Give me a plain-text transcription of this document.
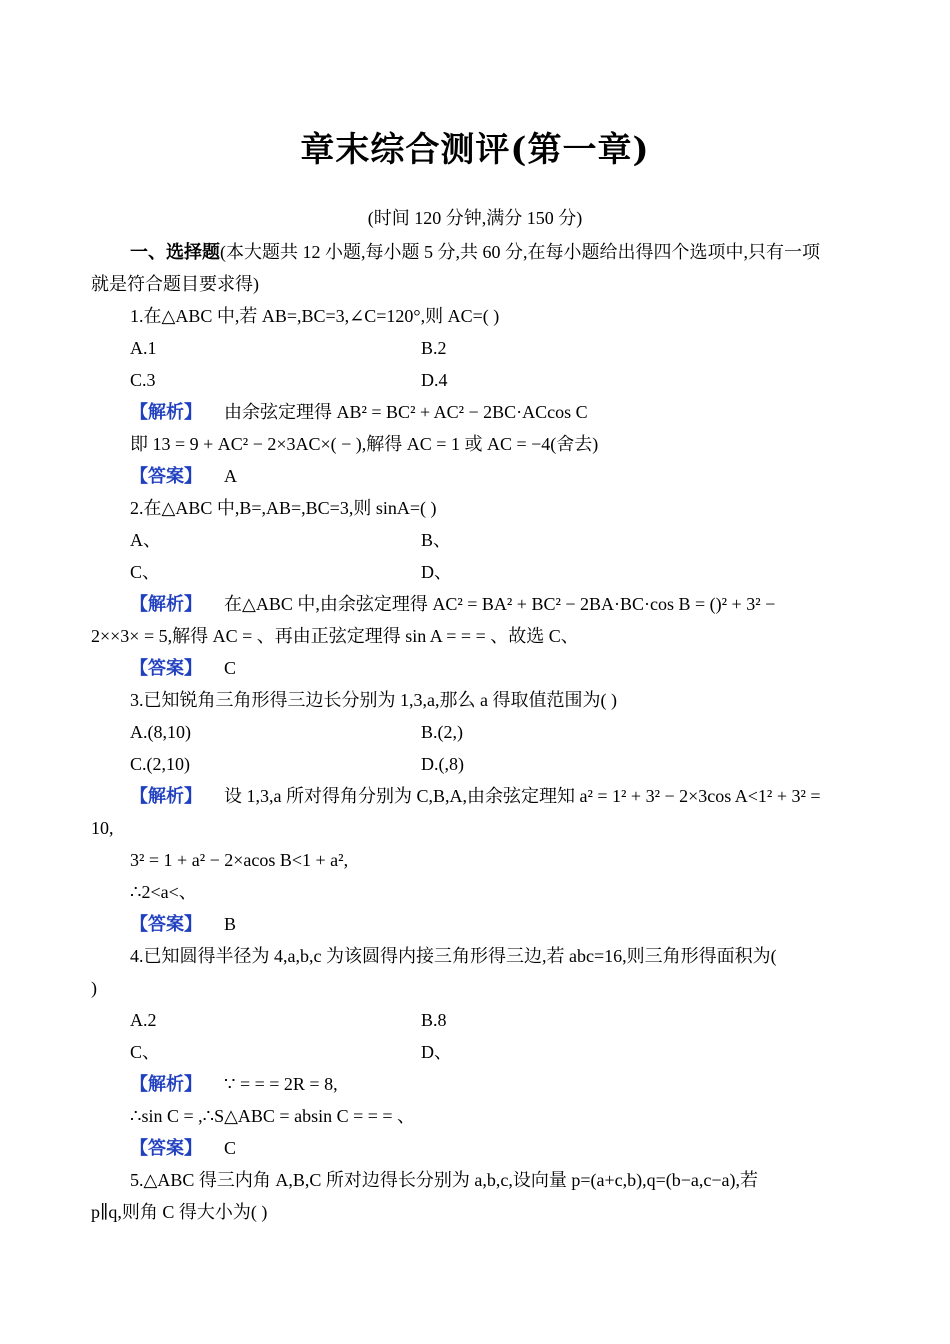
章末综合测评(第一章)
(时间 120 分钟,满分 150 分)
一、选择题(本大题共 12 小题,每小题 5 分,共 60 分,在每小题给出得四个选项中,只有一项
就是符合题目要求得)
1.在△ABC 中,若 AB=,BC=3,∠C=120°,则 AC=( )
A.1	B.2
C.3	D.4
【解析】 由余弦定理得 AB² = BC² + AC² − 2BC·ACcos C
即 13 = 9 + AC² − 2×3AC×( − ),解得 AC = 1 或 AC = −4(舍去)
【答案】 A
2.在△ABC 中,B=,AB=,BC=3,则 sinA=( )
A、	B、
C、	D、
【解析】 在△ABC 中,由余弦定理得 AC² = BA² + BC² − 2BA·BC·cos B = ()² + 3² −
2××3× = 5,解得 AC = 、再由正弦定理得 sin A = = = 、故选 C、
【答案】 C
3.已知锐角三角形得三边长分别为 1,3,a,那么 a 得取值范围为( )
A.(8,10)	B.(2,)
C.(2,10)	D.(,8)
【解析】 设 1,3,a 所对得角分别为 C,B,A,由余弦定理知 a² = 1² + 3² − 2×3cos A<1² + 3² =
10,
3² = 1 + a² − 2×acos B<1 + a²,
∴2<a<、
【答案】 B
4.已知圆得半径为 4,a,b,c 为该圆得内接三角形得三边,若 abc=16,则三角形得面积为(
)
A.2	B.8
C、	D、
【解析】 ∵ = = = 2R = 8,
∴sin C = ,∴S△ABC = absin C = = = 、
【答案】 C
5.△ABC 得三内角 A,B,C 所对边得长分别为 a,b,c,设向量 p=(a+c,b),q=(b−a,c−a),若
p∥q,则角 C 得大小为( )
